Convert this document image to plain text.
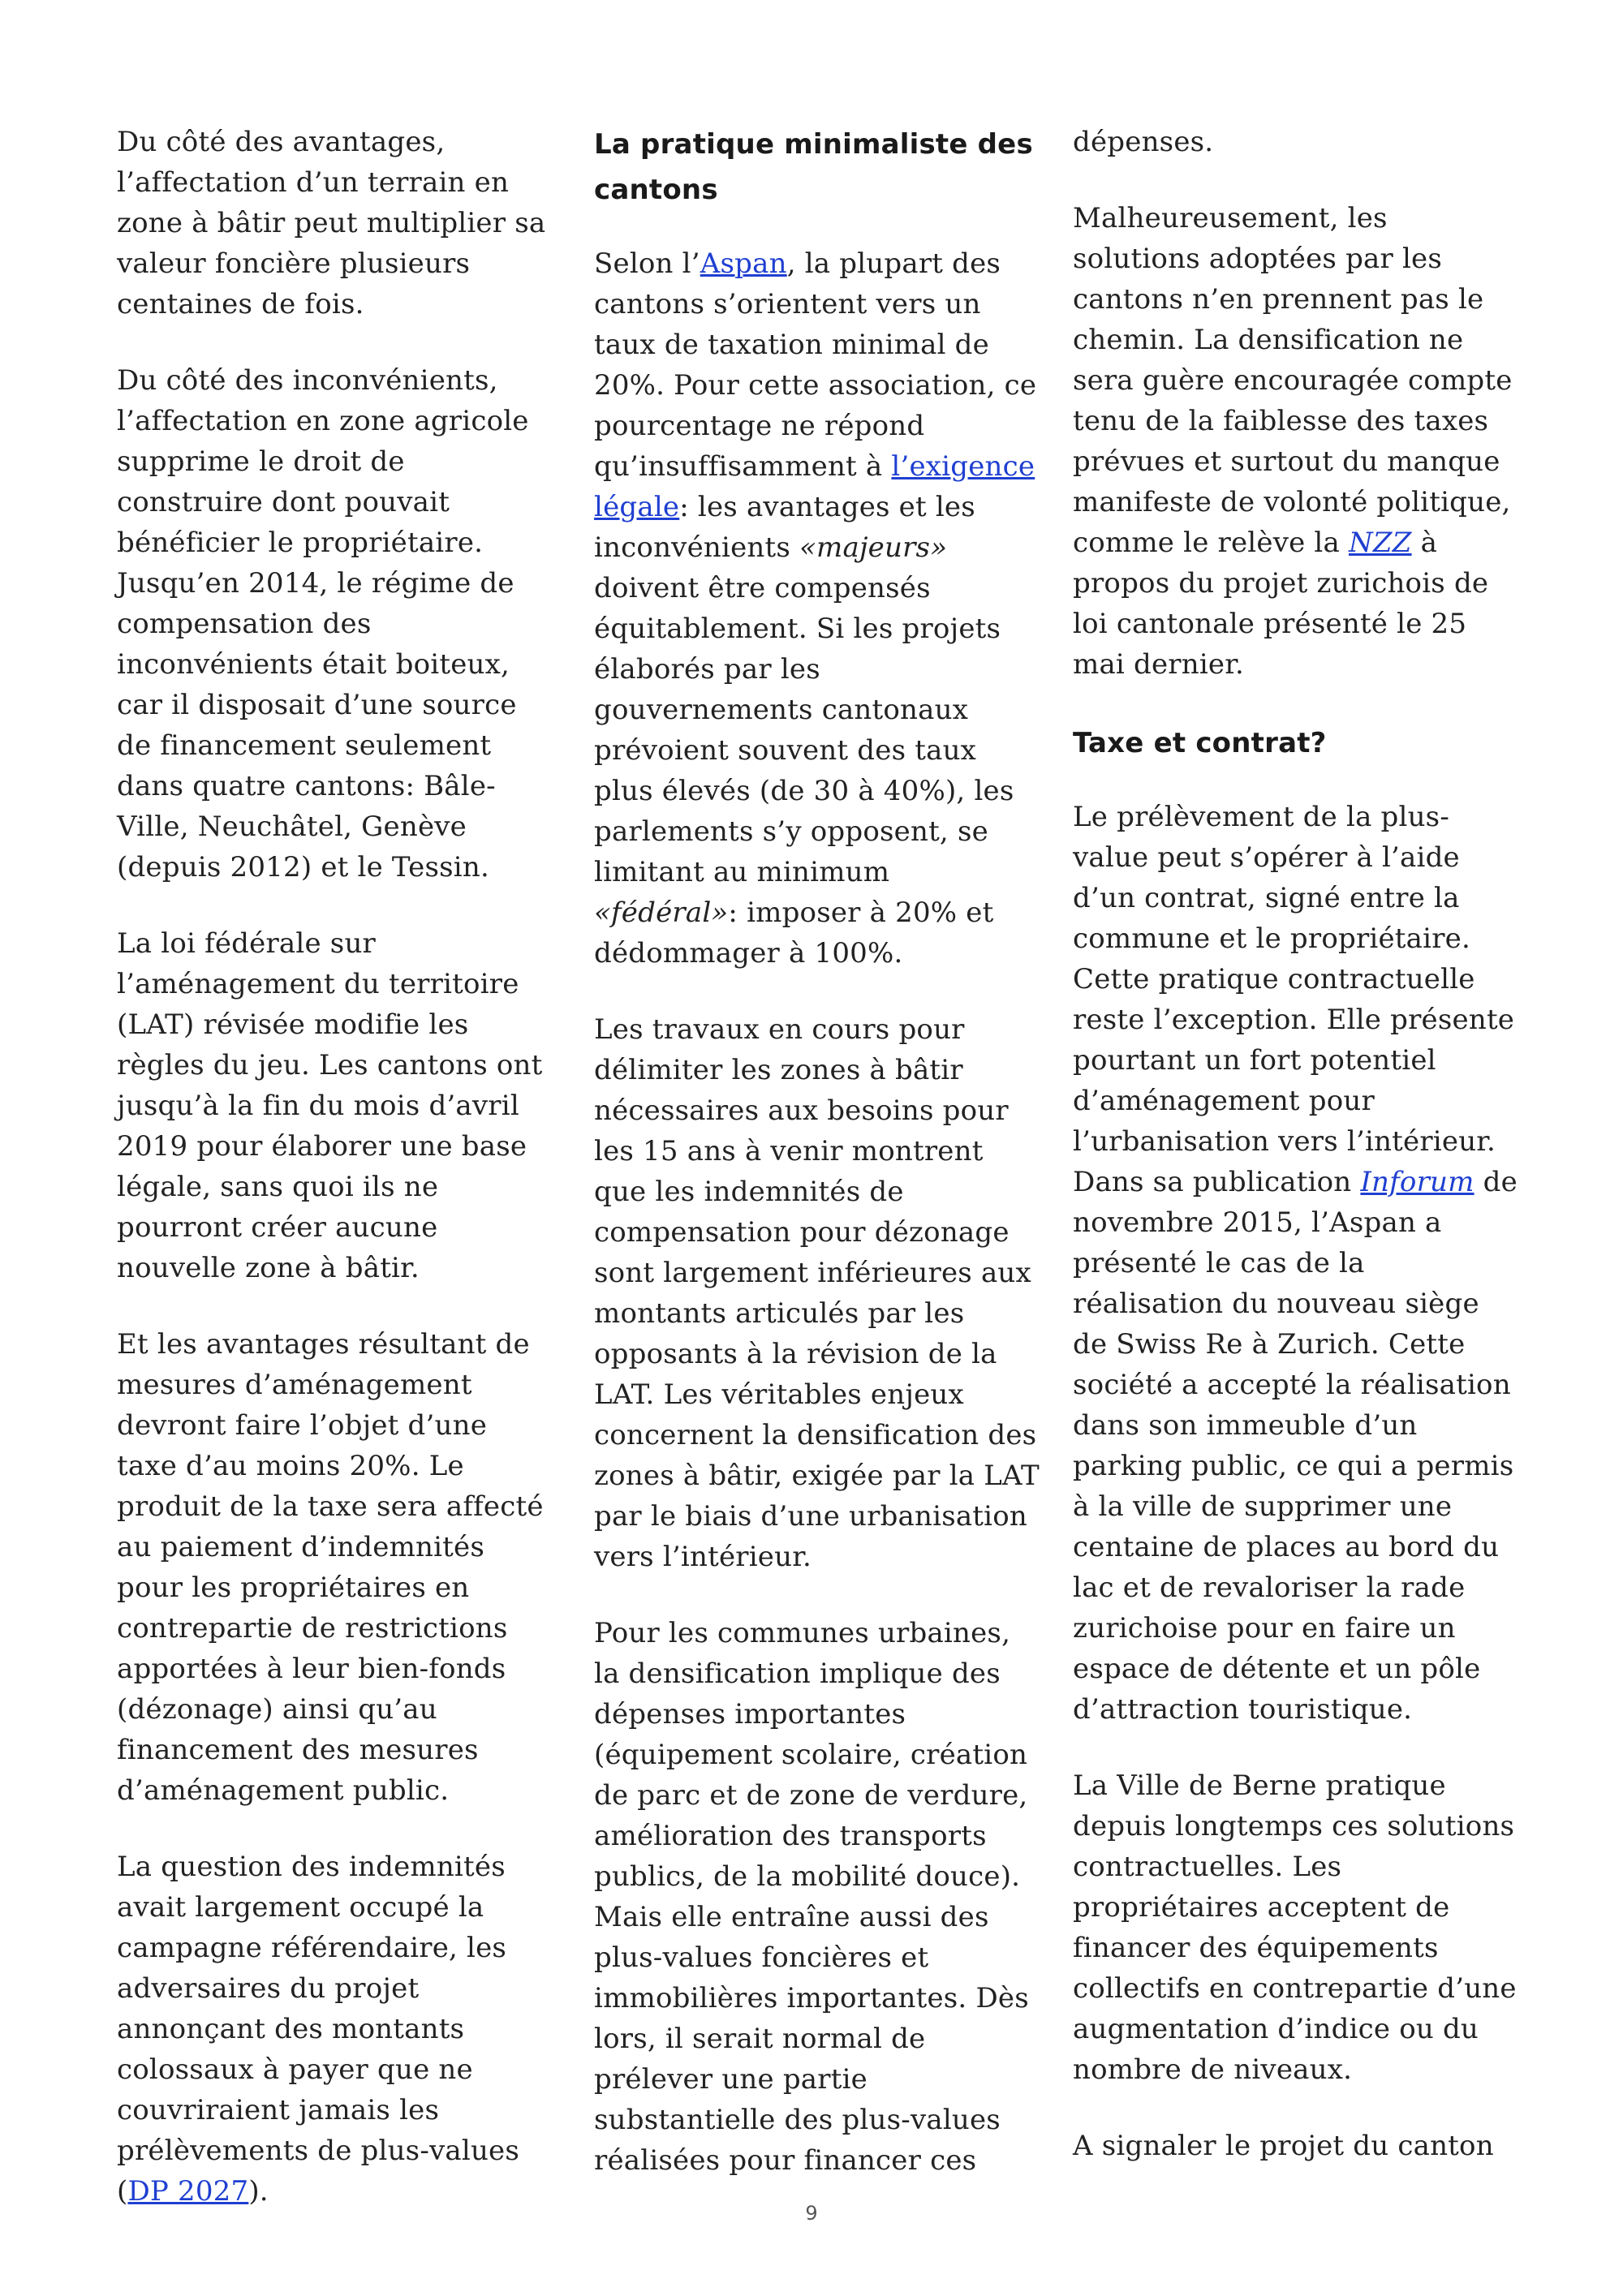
Du côté des avantages, l’affectation d’un terrain en zone à bâtir peut multiplier sa valeur foncière plusieurs centaines de fois.

Du côté des inconvénients, l’affectation en zone agricole supprime le droit de construire dont pouvait bénéficier le propriétaire. Jusqu’en 2014, le régime de compensation des inconvénients était boiteux, car il disposait d’une source de financement seulement dans quatre cantons: Bâle-Ville, Neuchâtel, Genève (depuis 2012) et le Tessin.

La loi fédérale sur l’aménagement du territoire (LAT) révisée modifie les règles du jeu. Les cantons ont jusqu’à la fin du mois d’avril 2019 pour élaborer une base légale, sans quoi ils ne pourront créer aucune nouvelle zone à bâtir.

Et les avantages résultant de mesures d’aménagement devront faire l’objet d’une taxe d’au moins 20%. Le produit de la taxe sera affecté au paiement d’indemnités pour les propriétaires en contrepartie de restrictions apportées à leur bien-fonds (dézonage) ainsi qu’au financement des mesures d’aménagement public.

La question des indemnités avait largement occupé la campagne référendaire, les adversaires du projet annonçant des montants colossaux à payer que ne couvriraient jamais les prélèvements de plus-values (DP 2027).

La pratique minimaliste des cantons

Selon l’Aspan, la plupart des cantons s’orientent vers un taux de taxation minimal de 20%. Pour cette association, ce pourcentage ne répond qu’insuffisamment à l’exigence légale: les avantages et les inconvénients «majeurs» doivent être compensés équitablement. Si les projets élaborés par les gouvernements cantonaux prévoient souvent des taux plus élevés (de 30 à 40%), les parlements s’y opposent, se limitant au minimum «fédéral»: imposer à 20% et dédommager à 100%.

Les travaux en cours pour délimiter les zones à bâtir nécessaires aux besoins pour les 15 ans à venir montrent que les indemnités de compensation pour dézonage sont largement inférieures aux montants articulés par les opposants à la révision de la LAT. Les véritables enjeux concernent la densification des zones à bâtir, exigée par la LAT par le biais d’une urbanisation vers l’intérieur.

Pour les communes urbaines, la densification implique des dépenses importantes (équipement scolaire, création de parc et de zone de verdure, amélioration des transports publics, de la mobilité douce). Mais elle entraîne aussi des plus-values foncières et immobilières importantes. Dès lors, il serait normal de prélever une partie substantielle des plus-values réalisées pour financer ces

dépenses.

Malheureusement, les solutions adoptées par les cantons n’en prennent pas le chemin. La densification ne sera guère encouragée compte tenu de la faiblesse des taxes prévues et surtout du manque manifeste de volonté politique, comme le relève la NZZ à propos du projet zurichois de loi cantonale présenté le 25 mai dernier.

Taxe et contrat?

Le prélèvement de la plus-value peut s’opérer à l’aide d’un contrat, signé entre la commune et le propriétaire. Cette pratique contractuelle reste l’exception. Elle présente pourtant un fort potentiel d’aménagement pour l’urbanisation vers l’intérieur. Dans sa publication Inforum de novembre 2015, l’Aspan a présenté le cas de la réalisation du nouveau siège de Swiss Re à Zurich. Cette société a accepté la réalisation dans son immeuble d’un parking public, ce qui a permis à la ville de supprimer une centaine de places au bord du lac et de revaloriser la rade zurichoise pour en faire un espace de détente et un pôle d’attraction touristique.

La Ville de Berne pratique depuis longtemps ces solutions contractuelles. Les propriétaires acceptent de financer des équipements collectifs en contrepartie d’une augmentation d’indice ou du nombre de niveaux.

A signaler le projet du canton

9
